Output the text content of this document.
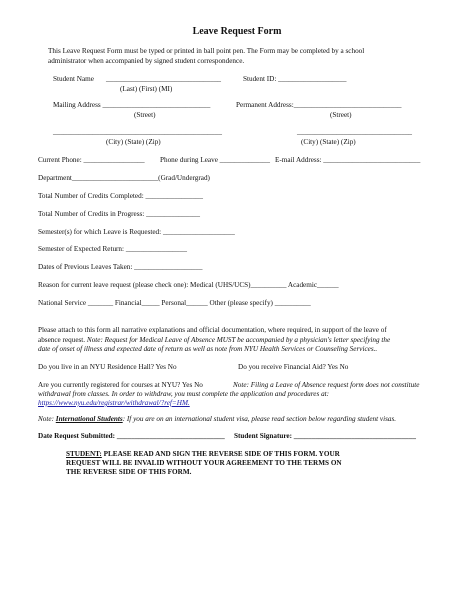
Leave Request Form
This Leave Request Form must be typed or printed in ball point pen. The Form may be completed by a school
administrator when accompanied by signed student correspondence.
Student Name ________________________________	Student ID: ___________________
(Last) (First) (MI)
Mailing Address ______________________________	Permanent Address:______________________________
(Street)	(Street)
_______________________________________________	________________________________
(City) (State) (Zip)	(City) (State) (Zip)
Current Phone: _________________ Phone during Leave ______________ E-mail Address: ___________________________
Department________________________(Grad/Undergrad)
Total Number of Credits Completed: ________________
Total Number of Credits in Progress: _______________
Semester(s) for which Leave is Requested: ____________________
Semester of Expected Return: _________________
Dates of Previous Leaves Taken: ___________________
Reason for current leave request (please check one): Medical (UHS/UCS)__________ Academic______
National Service _______ Financial_____ Personal______ Other (please specify) __________
Please attach to this form all narrative explanations and official documentation, where required, in support of the leave of
absence request. Note: Request for Medical Leave of Absence MUST be accompanied by a physician's letter specifying the
date of onset of illness and expected date of return as well as note from NYU Health Services or Counseling Services..
Do you live in an NYU Residence Hall? Yes No	Do you receive Financial Aid? Yes No
Are you currently registered for courses at NYU? Yes No	Note: Filing a Leave of Absence request form does not constitute
withdrawal from classes. In order to withdraw, you must complete the application and procedures at:
https://www.nyu.edu/registrar/withdrawal/?ref=HM.
Note: International Students: If you are on an international student visa, please read section below regarding student visas.
Date Request Submitted: ______________________________ Student Signature: __________________________________
STUDENT: PLEASE READ AND SIGN THE REVERSE SIDE OF THIS FORM. YOUR
REQUEST WILL BE INVALID WITHOUT YOUR AGREEMENT TO THE TERMS ON
THE REVERSE SIDE OF THIS FORM.
